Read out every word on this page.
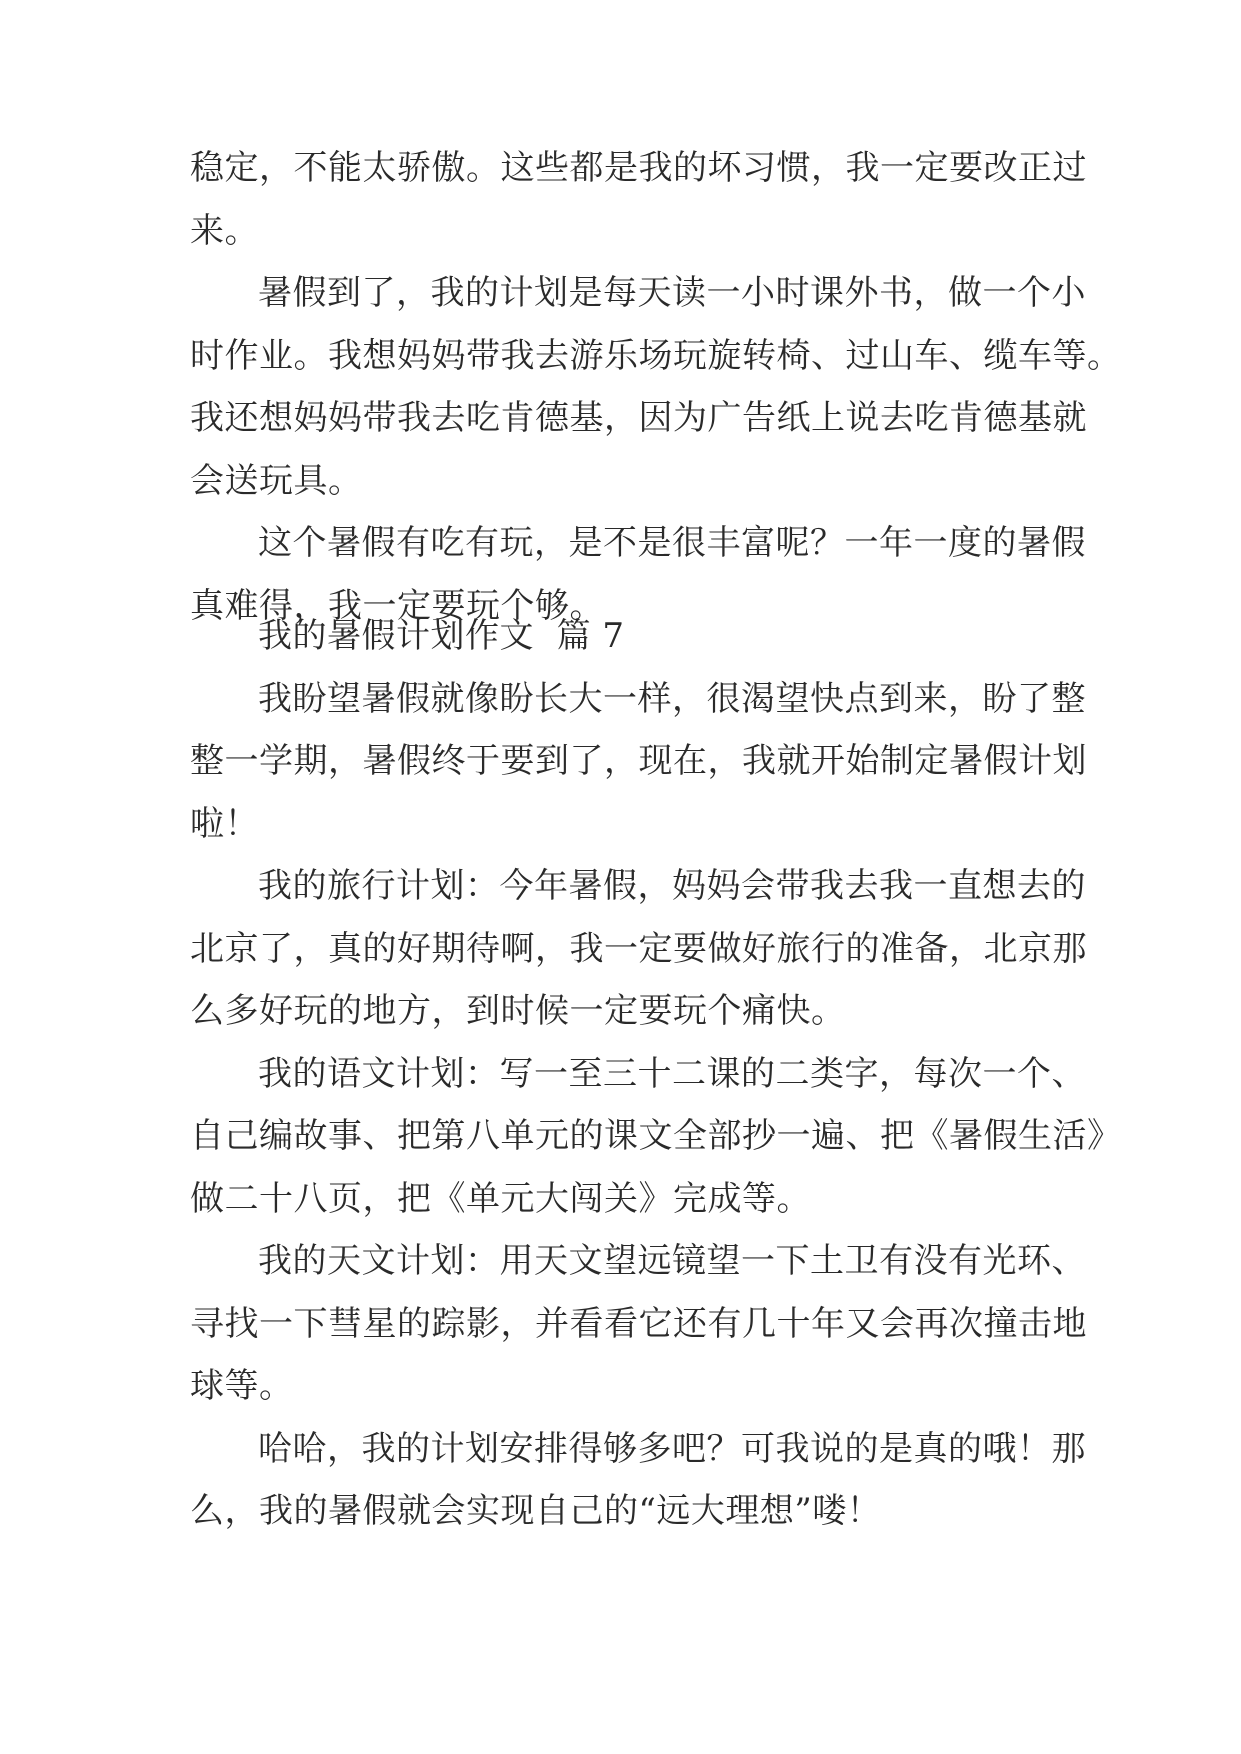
稳定，不能太骄傲。这些都是我的坏习惯，我一定要改正过
来。
暑假到了，我的计划是每天读一小时课外书，做一个小
时作业。我想妈妈带我去游乐场玩旋转椅、过山车、缆车等。
我还想妈妈带我去吃肯德基，因为广告纸上说去吃肯德基就
会送玩具。
这个暑假有吃有玩，是不是很丰富呢？一年一度的暑假
真难得，我一定要玩个够。
我的暑假计划作文  篇 7
我盼望暑假就像盼长大一样，很渴望快点到来，盼了整
整一学期，暑假终于要到了，现在，我就开始制定暑假计划
啦！
我的旅行计划：今年暑假，妈妈会带我去我一直想去的
北京了，真的好期待啊，我一定要做好旅行的准备，北京那
么多好玩的地方，到时候一定要玩个痛快。
我的语文计划：写一至三十二课的二类字，每次一个、
自己编故事、把第八单元的课文全部抄一遍、把《暑假生活》
做二十八页，把《单元大闯关》完成等。
我的天文计划：用天文望远镜望一下土卫有没有光环、
寻找一下彗星的踪影，并看看它还有几十年又会再次撞击地
球等。
哈哈，我的计划安排得够多吧？可我说的是真的哦！那
么，我的暑假就会实现自己的“远大理想”喽！
